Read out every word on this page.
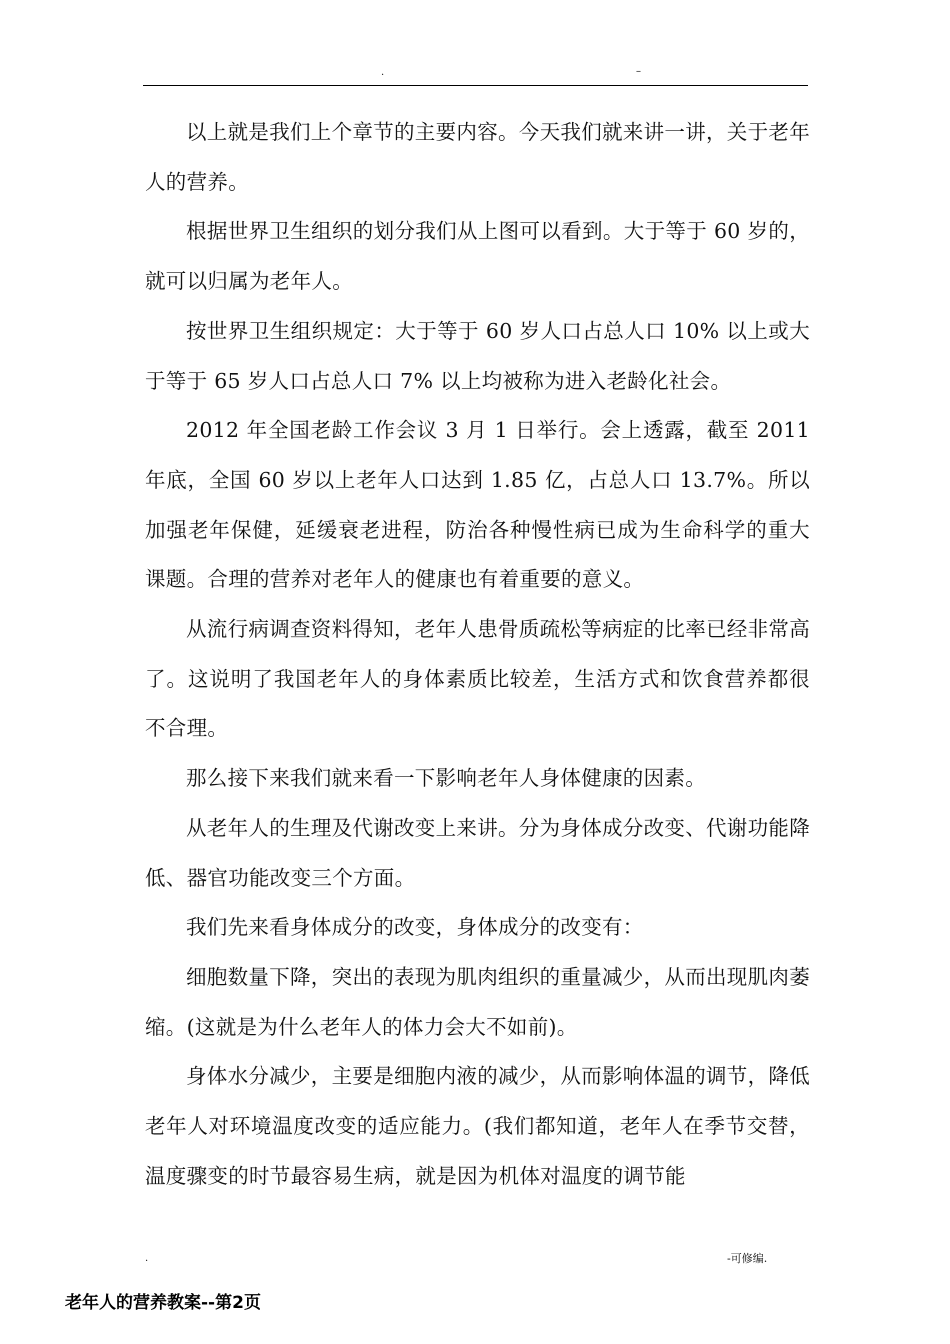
.	–

以上就是我们上个章节的主要内容。今天我们就来讲一讲，关于老年人的营养。

根据世界卫生组织的划分我们从上图可以看到。大于等于 60 岁的，就可以归属为老年人。

按世界卫生组织规定：大于等于 60 岁人口占总人口 10% 以上或大于等于 65 岁人口占总人口 7% 以上均被称为进入老龄化社会。

2012 年全国老龄工作会议 3 月 1 日举行。会上透露，截至 2011年底，全国 60 岁以上老年人口达到 1.85 亿，占总人口 13.7%。所以加强老年保健，延缓衰老进程，防治各种慢性病已成为生命科学的重大课题。合理的营养对老年人的健康也有着重要的意义。

从流行病调查资料得知，老年人患骨质疏松等病症的比率已经非常高了。这说明了我国老年人的身体素质比较差，生活方式和饮食营养都很不合理。

那么接下来我们就来看一下影响老年人身体健康的因素。

从老年人的生理及代谢改变上来讲。分为身体成分改变、代谢功能降低、器官功能改变三个方面。

我们先来看身体成分的改变，身体成分的改变有：

细胞数量下降，突出的表现为肌肉组织的重量减少，从而出现肌肉萎缩。(这就是为什么老年人的体力会大不如前)。

身体水分减少，主要是细胞内液的减少，从而影响体温的调节，降低老年人对环境温度改变的适应能力。(我们都知道，老年人在季节交替，温度骤变的时节最容易生病，就是因为机体对温度的调节能

.	-可修编.
老年人的营养教案--第2页
